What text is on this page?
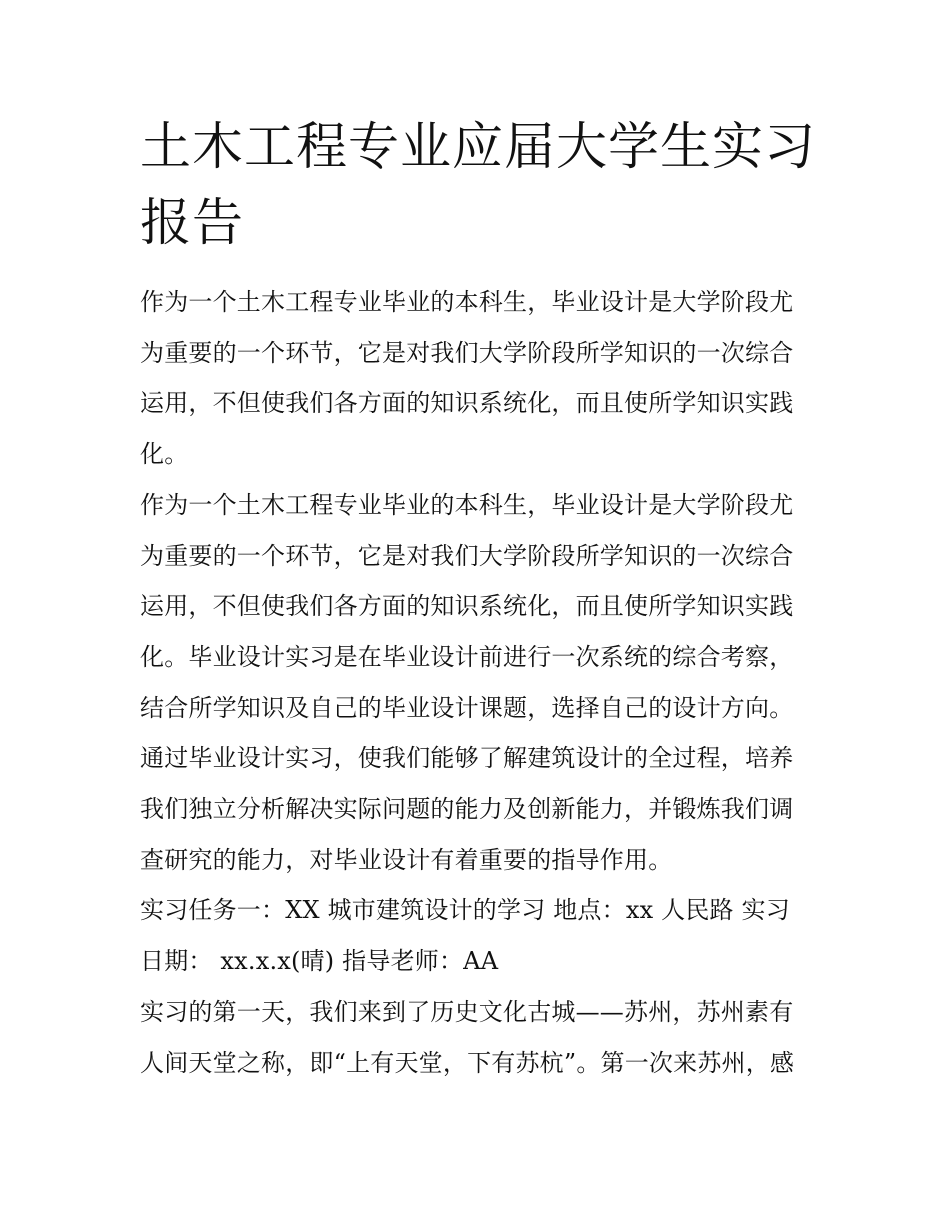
土木工程专业应届大学生实习
报告

作为一个土木工程专业毕业的本科生，毕业设计是大学阶段尤
为重要的一个环节，它是对我们大学阶段所学知识的一次综合
运用，不但使我们各方面的知识系统化，而且使所学知识实践
化。

作为一个土木工程专业毕业的本科生，毕业设计是大学阶段尤
为重要的一个环节，它是对我们大学阶段所学知识的一次综合
运用，不但使我们各方面的知识系统化，而且使所学知识实践
化。毕业设计实习是在毕业设计前进行一次系统的综合考察，
结合所学知识及自己的毕业设计课题，选择自己的设计方向。
通过毕业设计实习，使我们能够了解建筑设计的全过程，培养
我们独立分析解决实际问题的能力及创新能力，并锻炼我们调
查研究的能力，对毕业设计有着重要的指导作用。

实习任务一：XX 城市建筑设计的学习 地点：xx 人民路 实习
日期： xx.x.x(晴) 指导老师：AA

实习的第一天，我们来到了历史文化古城——苏州，苏州素有
人间天堂之称，即“上有天堂，下有苏杭”。第一次来苏州，感
